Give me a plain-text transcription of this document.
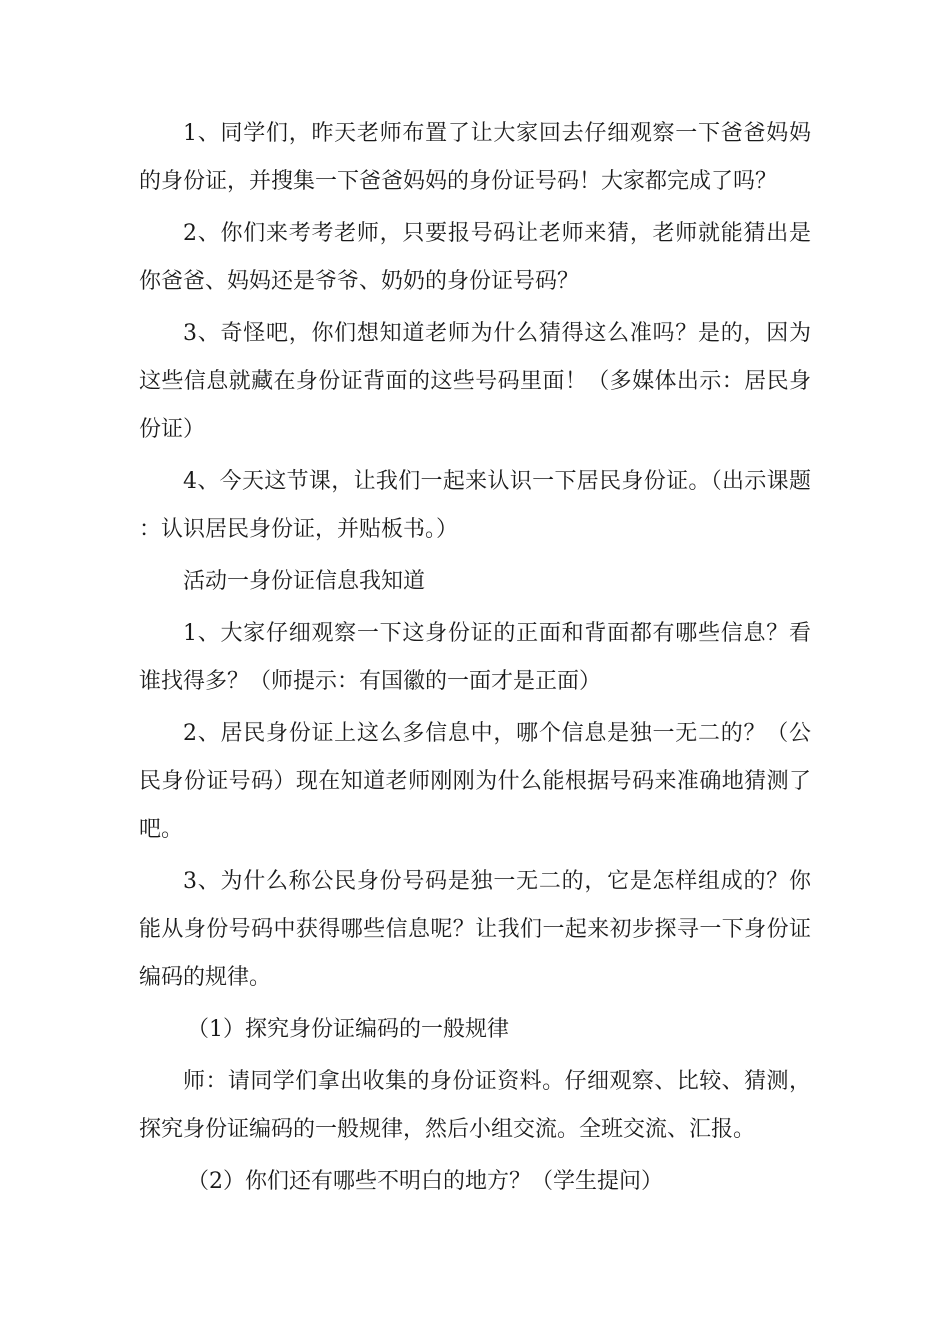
1、同学们，昨天老师布置了让大家回去仔细观察一下爸爸妈妈的身份证，并搜集一下爸爸妈妈的身份证号码！大家都完成了吗？

2、你们来考考老师，只要报号码让老师来猜，老师就能猜出是你爸爸、妈妈还是爷爷、奶奶的身份证号码？

3、奇怪吧，你们想知道老师为什么猜得这么准吗？是的，因为这些信息就藏在身份证背面的这些号码里面！（多媒体出示：居民身份证）

4、今天这节课，让我们一起来认识一下居民身份证。（出示课题：认识居民身份证，并贴板书。）

活动一身份证信息我知道

1、大家仔细观察一下这身份证的正面和背面都有哪些信息？看谁找得多？（师提示：有国徽的一面才是正面）

2、居民身份证上这么多信息中，哪个信息是独一无二的？（公民身份证号码）现在知道老师刚刚为什么能根据号码来准确地猜测了吧。

3、为什么称公民身份号码是独一无二的，它是怎样组成的？你能从身份号码中获得哪些信息呢？让我们一起来初步探寻一下身份证编码的规律。

（1）探究身份证编码的一般规律

师：请同学们拿出收集的身份证资料。仔细观察、比较、猜测，探究身份证编码的一般规律，然后小组交流。全班交流、汇报。

（2）你们还有哪些不明白的地方？（学生提问）
